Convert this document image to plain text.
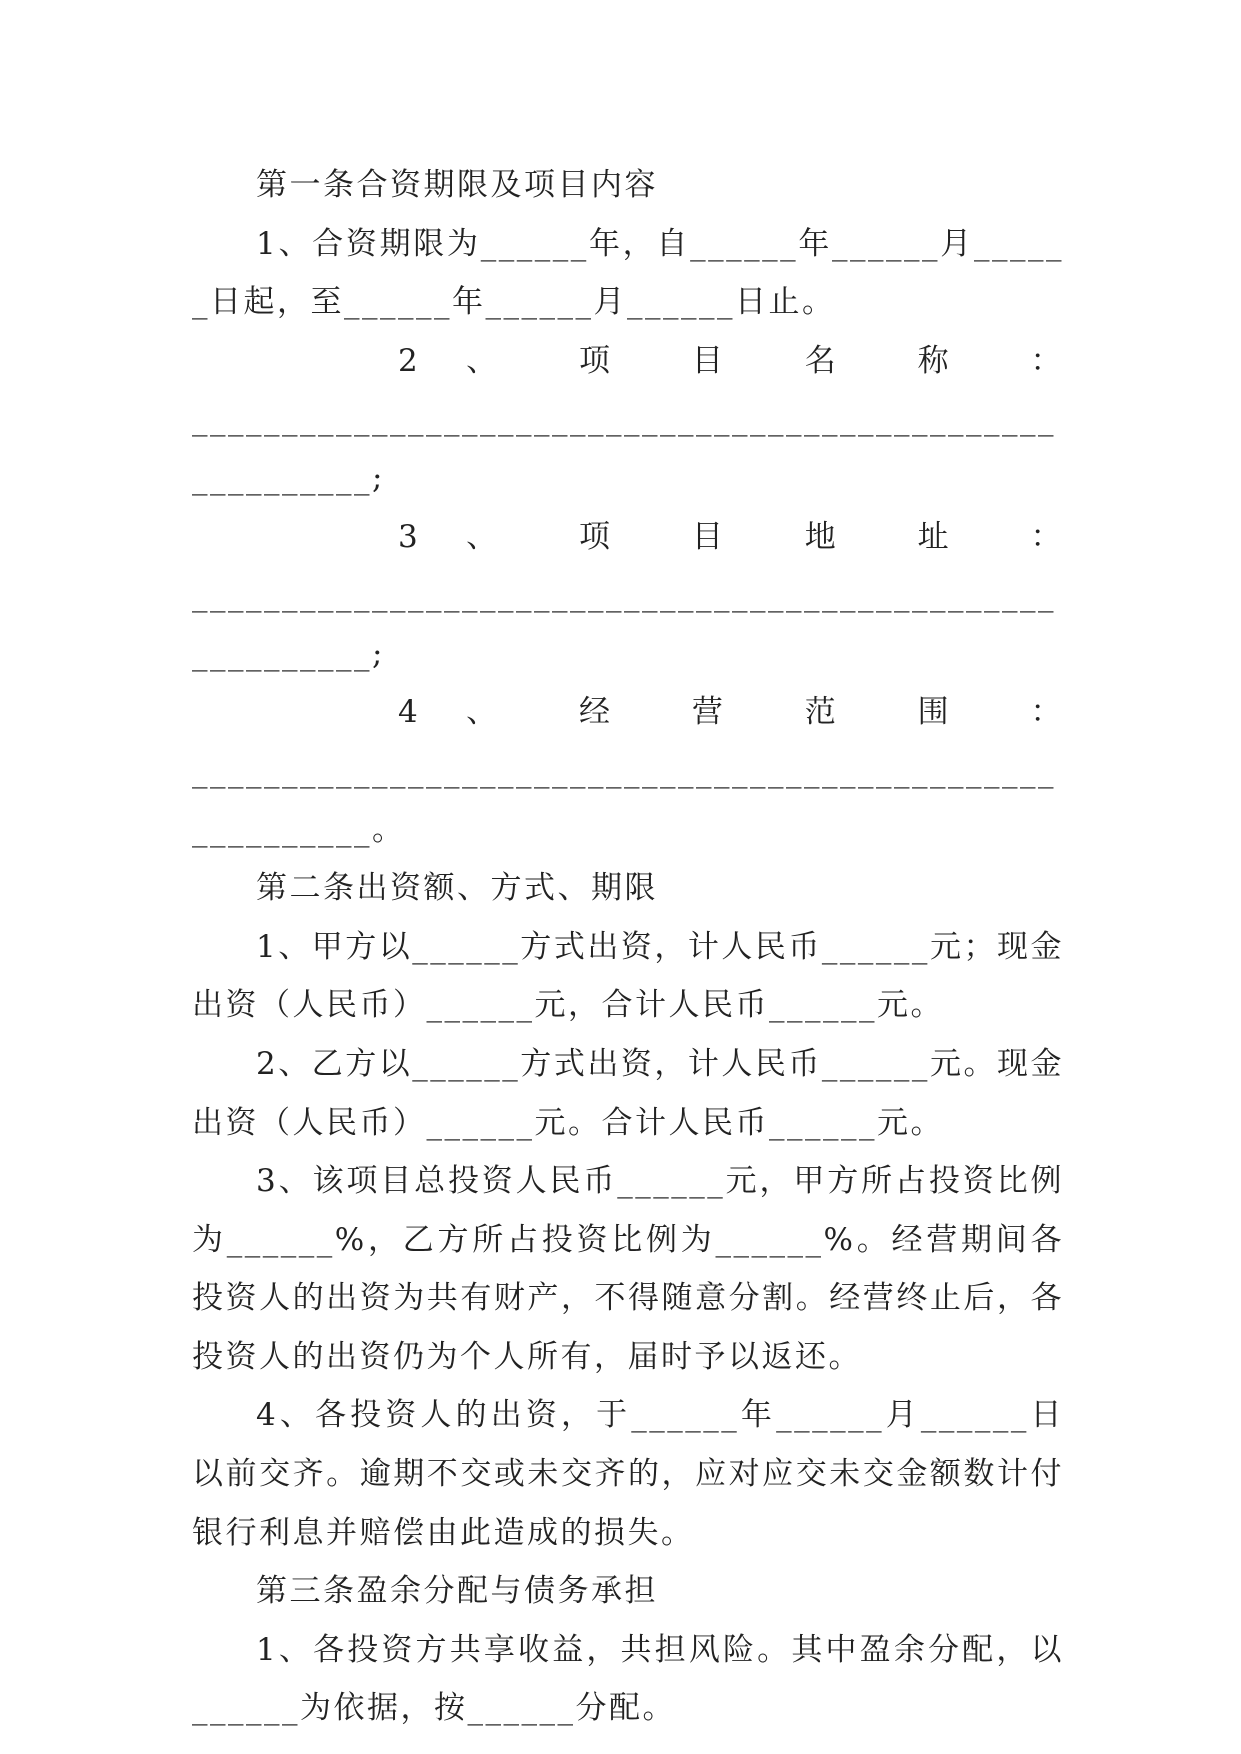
第一条合资期限及项目内容

1、合资期限为______年，自______年______月______日起，至______年______月______日止。

2 、 项 目 名 称 ：

__________________________________________________________;

3 、 项 目 地 址 ：

__________________________________________________________;

4 、 经 营 范 围 ：

__________________________________________________________。

第二条出资额、方式、期限

1、甲方以______方式出资，计人民币______元；现金出资（人民币）______元，合计人民币______元。

2、乙方以______方式出资，计人民币______元。现金出资（人民币）______元。合计人民币______元。

3、该项目总投资人民币______元，甲方所占投资比例为______%，乙方所占投资比例为______%。经营期间各投资人的出资为共有财产，不得随意分割。经营终止后，各投资人的出资仍为个人所有，届时予以返还。

4、各投资人的出资，于______年______月______日以前交齐。逾期不交或未交齐的，应对应交未交金额数计付银行利息并赔偿由此造成的损失。

第三条盈余分配与债务承担

1、各投资方共享收益，共担风险。其中盈余分配，以______为依据，按______分配。
